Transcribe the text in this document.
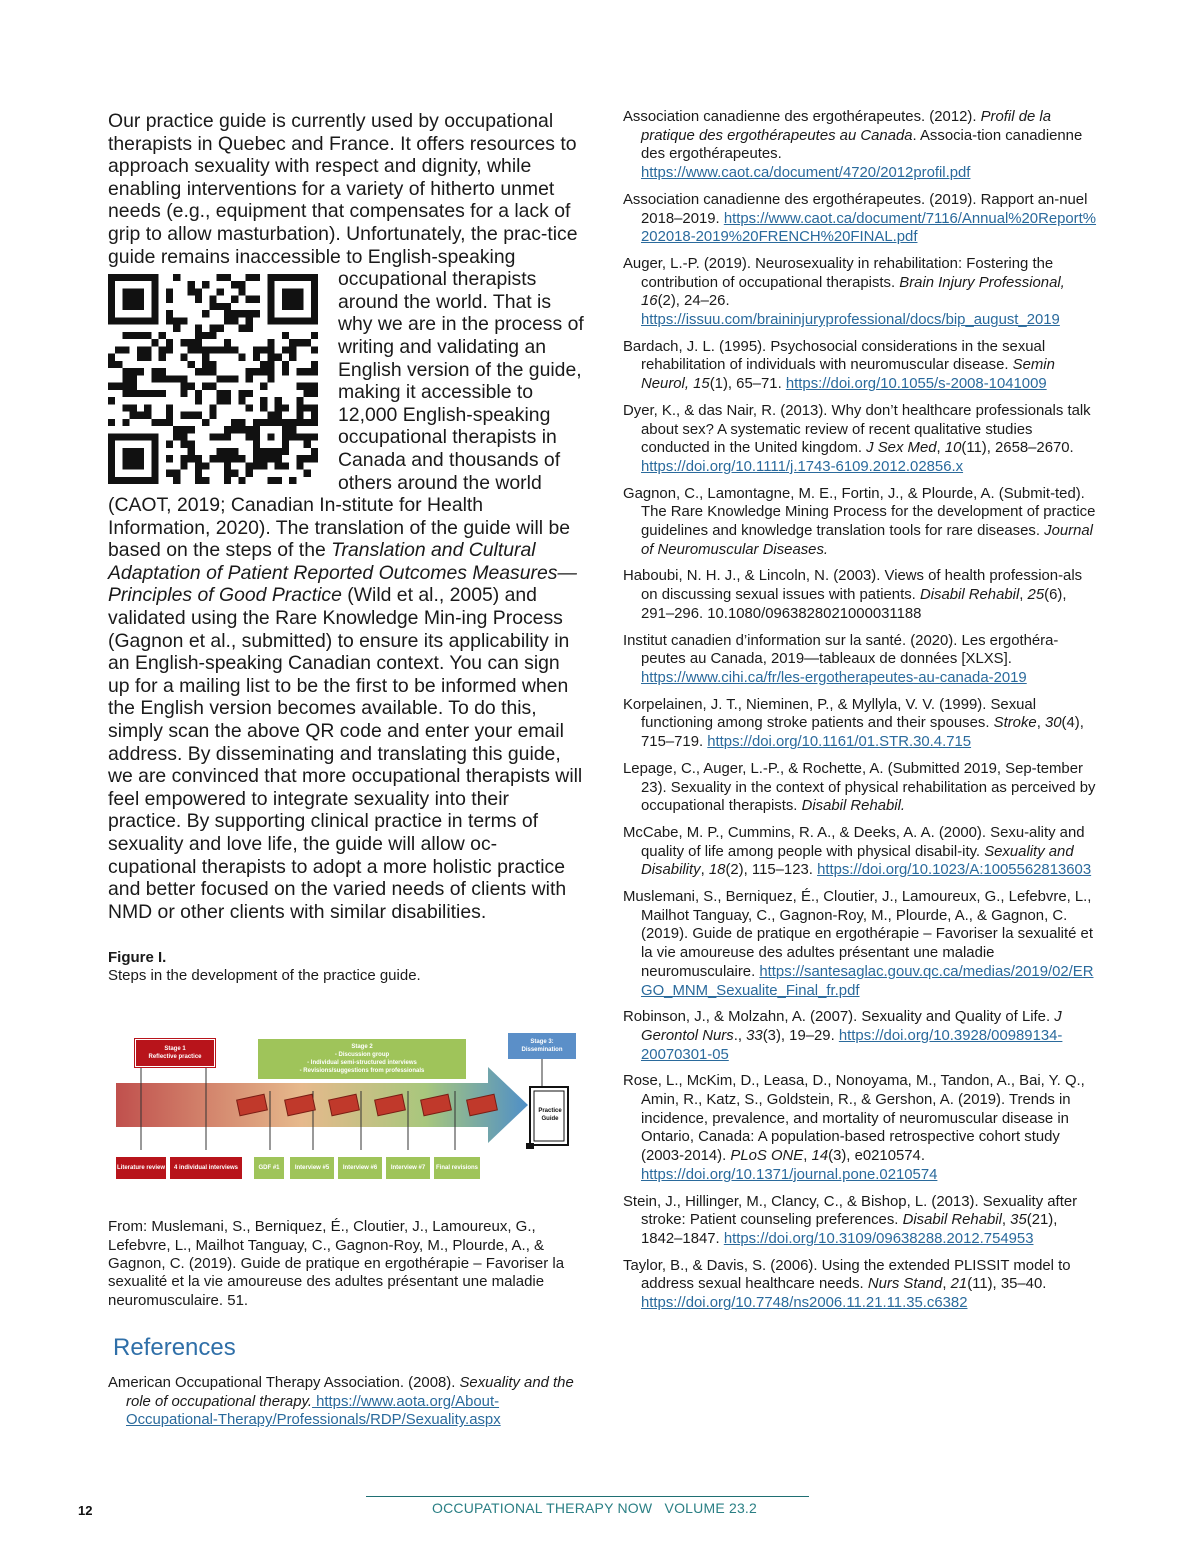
Our practice guide is currently used by occupational therapists in Quebec and France. It offers resources to approach sexuality with respect and dignity, while enabling interventions for a variety of hitherto unmet needs (e.g., equipment that compensates for a lack of grip to allow masturbation). Unfortunately, the prac-tice guide remains inaccessible to English-speaking

occupational therapists around the world. That is why we are in the process of writing and validating an English version of the guide, making it accessible to 12,000 English-speaking occupational therapists in Canada and thousands of others around the world (CAOT, 2019; Canadian In-stitute for Health Information, 2020). The translation of the guide will be based on the steps of the Translation and Cultural Adaptation of Patient Reported Outcomes Measures—Principles of Good Practice (Wild et al., 2005) and validated using the Rare Knowledge Min-ing Process (Gagnon et al., submitted) to ensure its applicability in an English-speaking Canadian context. You can sign up for a mailing list to be the first to be informed when the English version becomes available. To do this, simply scan the above QR code and enter your email address. By disseminating and translating this guide, we are convinced that more occupational therapists will feel empowered to integrate sexuality into their practice. By supporting clinical practice in terms of sexuality and love life, the guide will allow oc-cupational therapists to adopt a more holistic practice and better focused on the varied needs of clients with NMD or other clients with similar disabilities.

Figure I.
Steps in the development of the practice guide.
Stage 1
Reflective practice
Stage 2
- Discussion group
- Individual semi-structured interviews
- Revisions/suggestions from professionals
Stage 3:
Dissemination
Practice
Guide
Literature review	4 individual interviews	GDF #1	Interview #5	Interview #6	Interview #7	Final revisions
From: Muslemani, S., Berniquez, É., Cloutier, J., Lamoureux, G., Lefebvre, L., Mailhot Tanguay, C., Gagnon-Roy, M., Plourde, A., & Gagnon, C. (2019). Guide de pratique en ergothérapie – Favoriser la sexualité et la vie amoureuse des adultes présentant une maladie neuromusculaire. 51.
References
American Occupational Therapy Association. (2008). Sexuality and the role of occupational therapy. https://www.aota.org/About-Occupational-Therapy/Professionals/RDP/Sexuality.aspx
Association canadienne des ergothérapeutes. (2012). Profil de la pratique des ergothérapeutes au Canada. Associa-tion canadienne des ergothérapeutes. https://www.caot.ca/document/4720/2012profil.pdf
Association canadienne des ergothérapeutes. (2019). Rapport an-nuel 2018–2019. https://www.caot.ca/document/7116/Annual%20Report%202018-2019%20FRENCH%20FINAL.pdf
Auger, L.-P. (2019). Neurosexuality in rehabilitation: Fostering the contribution of occupational therapists. Brain Injury Professional, 16(2), 24–26. https://issuu.com/braininjuryprofessional/docs/bip_august_2019
Bardach, J. L. (1995). Psychosocial considerations in the sexual rehabilitation of individuals with neuromuscular disease. Semin Neurol, 15(1), 65–71. https://doi.org/10.1055/s-2008-1041009
Dyer, K., & das Nair, R. (2013). Why don’t healthcare professionals talk about sex? A systematic review of recent qualitative studies conducted in the United kingdom. J Sex Med, 10(11), 2658–2670. https://doi.org/10.1111/j.1743-6109.2012.02856.x
Gagnon, C., Lamontagne, M. E., Fortin, J., & Plourde, A. (Submit-ted). The Rare Knowledge Mining Process for the development of practice guidelines and knowledge translation tools for rare diseases. Journal of Neuromuscular Diseases.
Haboubi, N. H. J., & Lincoln, N. (2003). Views of health profession-als on discussing sexual issues with patients. Disabil Rehabil, 25(6), 291–296. 10.1080/0963828021000031188
Institut canadien d’information sur la santé. (2020). Les ergothéra-peutes au Canada, 2019—tableaux de données [XLXS]. https://www.cihi.ca/fr/les-ergotherapeutes-au-canada-2019
Korpelainen, J. T., Nieminen, P., & Myllyla, V. V. (1999). Sexual functioning among stroke patients and their spouses. Stroke, 30(4), 715–719. https://doi.org/10.1161/01.STR.30.4.715
Lepage, C., Auger, L.-P., & Rochette, A. (Submitted 2019, Sep-tember 23). Sexuality in the context of physical rehabilitation as perceived by occupational therapists. Disabil Rehabil.
McCabe, M. P., Cummins, R. A., & Deeks, A. A. (2000). Sexu-ality and quality of life among people with physical disabil-ity. Sexuality and Disability, 18(2), 115–123. https://doi.org/10.1023/A:1005562813603
Muslemani, S., Berniquez, É., Cloutier, J., Lamoureux, G., Lefebvre, L., Mailhot Tanguay, C., Gagnon-Roy, M., Plourde, A., & Gagnon, C. (2019). Guide de pratique en ergothérapie – Favoriser la sexualité et la vie amoureuse des adultes présentant une maladie neuromusculaire. https://santesaglac.gouv.qc.ca/medias/2019/02/ERGO_MNM_Sexualite_Final_fr.pdf
Robinson, J., & Molzahn, A. (2007). Sexuality and Quality of Life. J Gerontol Nurs., 33(3), 19–29. https://doi.org/10.3928/00989134-20070301-05
Rose, L., McKim, D., Leasa, D., Nonoyama, M., Tandon, A., Bai, Y. Q., Amin, R., Katz, S., Goldstein, R., & Gershon, A. (2019). Trends in incidence, prevalence, and mortality of neuromuscular disease in Ontario, Canada: A population-based retrospective cohort study (2003-2014). PLoS ONE, 14(3), e0210574. https://doi.org/10.1371/journal.pone.0210574
Stein, J., Hillinger, M., Clancy, C., & Bishop, L. (2013). Sexuality after stroke: Patient counseling preferences. Disabil Rehabil, 35(21), 1842–1847. https://doi.org/10.3109/09638288.2012.754953
Taylor, B., & Davis, S. (2006). Using the extended PLISSIT model to address sexual healthcare needs. Nurs Stand, 21(11), 35–40. https://doi.org/10.7748/ns2006.11.21.11.35.c6382
12	OCCUPATIONAL THERAPY NOW   VOLUME 23.2
